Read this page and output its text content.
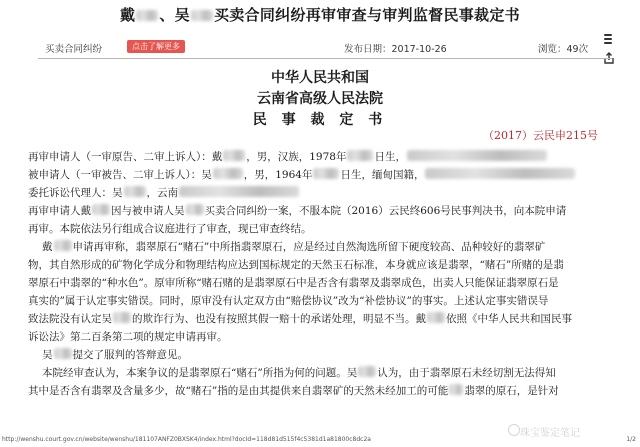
戴 、吴 买卖合同纠纷再审审查与审判监督民事裁定书
买卖合同纠纷	点击了解更多	发布日期：2017-10-26	浏览：49次
中华人民共和国
云南省高级人民法院
民 事 裁 定 书
（2017）云民申215号
再审申请人（一审原告、二审上诉人）：戴 ，男，汉族，1978年	日生，
被申请人（一审被告、二审上诉人）：吴	，男，1964年	日生，缅甸国籍，
委托诉讼代理人：吴 ，云南
再审申请人戴 因与被申请人吴 买卖合同纠纷一案，不服本院（2016）云民终606号民事判决书，向本院申请
再审。本院依法另行组成合议庭进行了审查，现已审查终结。
戴 申请再审称，翡翠原石“赌石”中所指翡翠原石，应是经过自然淘选所留下硬度较高、品种较好的翡翠矿
物，其自然形成的矿物化学成分和物理结构应达到国标规定的天然玉石标准，本身就应该是翡翠，“赌石”所赌的是翡
翠原石中翡翠的“种水色”。原审所称“赌石赌的是翡翠原石中是否含有翡翠及翡翠成色，出卖人只能保证翡翠原石是
真实的”属于认定事实错误。同时，原审没有认定双方由“赔偿协议”改为“补偿协议”的事实。上述认定事实错误导
致法院没有认定吴 的欺诈行为、也没有按照其假一赔十的承诺处理，明显不当。戴 依照《中华人民共和国民事
诉讼法》第二百条第二项的规定申请再审。
吴 提交了服判的答辩意见。
本院经审查认为，本案争议的是翡翠原石“赌石”所指为何的问题。吴 认为，由于翡翠原石未经切割无法得知
其中是否含有翡翠及含量多少，故“赌石”指的是由其提供来自翡翠矿的天然未经加工的可能 翡翠的原石，是针对
珠宝鉴定笔记
http://wenshu.court.gov.cn/website/wenshu/181107ANFZ0BXSK4/index.html?docId=118d81d515f4c5381d1a81800c8dc2a	1/2
